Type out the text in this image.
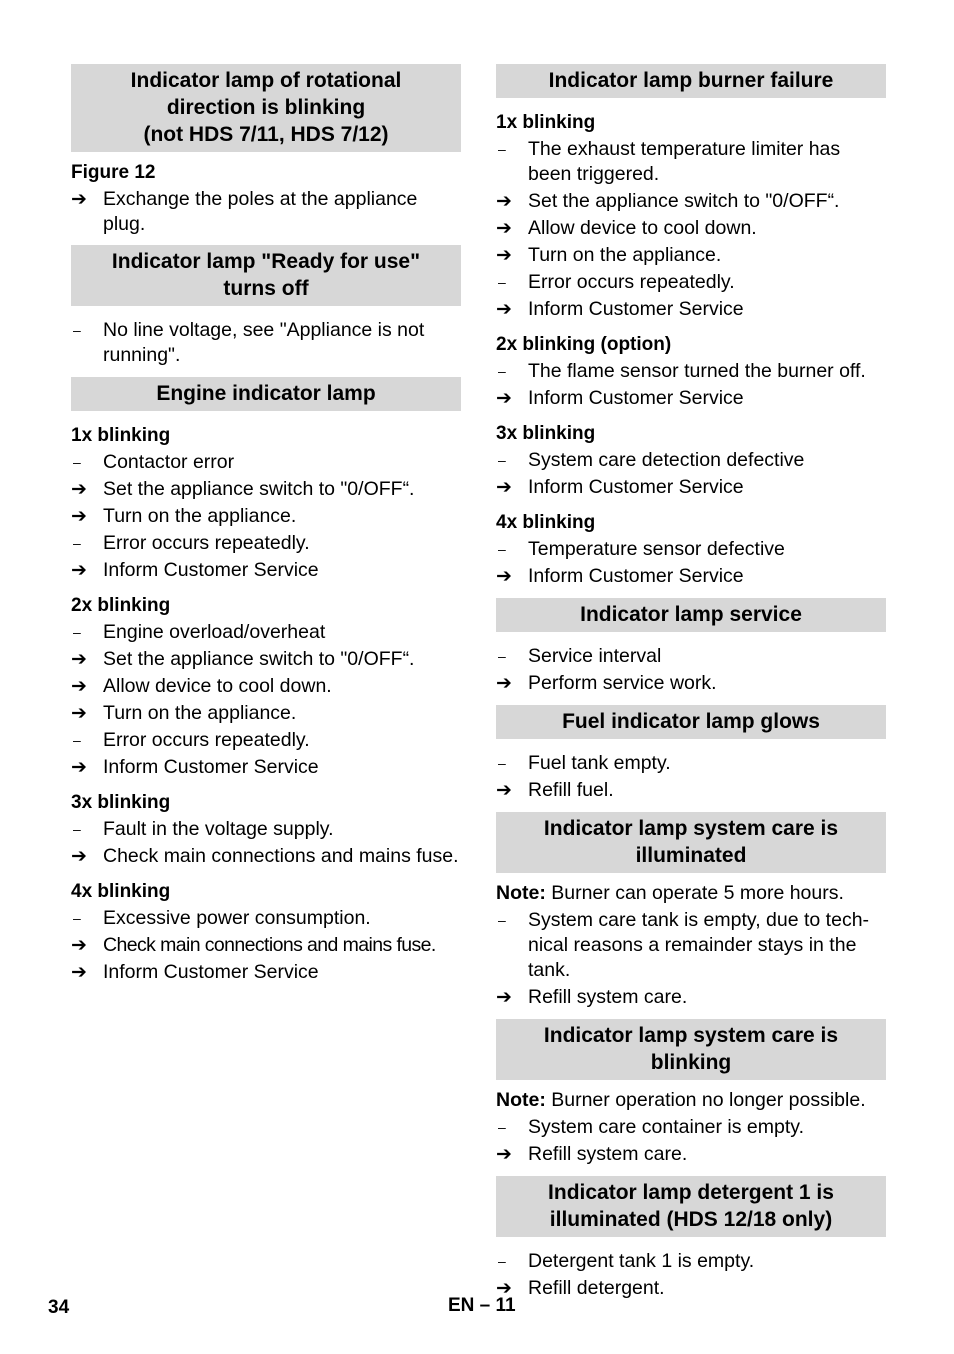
Indicator lamp of rotational
direction is blinking
(not HDS 7/11, HDS 7/12)
Figure 12
➔ Exchange the poles at the appliance plug.
Indicator lamp "Ready for use"
turns off
–	No line voltage, see "Appliance is not running".
Engine indicator lamp
1x blinking
–	Contactor error
➔ Set the appliance switch to "0/OFF“.
➔ Turn on the appliance.
–	Error occurs repeatedly.
➔ Inform Customer Service
2x blinking
–	Engine overload/overheat
➔ Set the appliance switch to "0/OFF“.
➔ Allow device to cool down.
➔ Turn on the appliance.
–	Error occurs repeatedly.
➔ Inform Customer Service
3x blinking
–	Fault in the voltage supply.
➔ Check main connections and mains fuse.
4x blinking
–	Excessive power consumption.
➔ Check main connections and mains fuse.
➔ Inform Customer Service
Indicator lamp burner failure
1x blinking
–	The exhaust temperature limiter has been triggered.
➔ Set the appliance switch to "0/OFF“.
➔ Allow device to cool down.
➔ Turn on the appliance.
–	Error occurs repeatedly.
➔ Inform Customer Service
2x blinking (option)
–	The flame sensor turned the burner off.
➔ Inform Customer Service
3x blinking
–	System care detection defective
➔ Inform Customer Service
4x blinking
–	Temperature sensor defective
➔ Inform Customer Service
Indicator lamp service
–	Service interval
➔ Perform service work.
Fuel indicator lamp glows
–	Fuel tank empty.
➔ Refill fuel.
Indicator lamp system care is
illuminated
Note: Burner can operate 5 more hours.
–	System care tank is empty, due to tech-nical reasons a remainder stays in the tank.
➔ Refill system care.
Indicator lamp system care is
blinking
Note: Burner operation no longer possible.
–	System care container is empty.
➔ Refill system care.
Indicator lamp detergent 1 is
illuminated (HDS 12/18 only)
–	Detergent tank 1 is empty.
➔ Refill detergent.
34	EN – 11
